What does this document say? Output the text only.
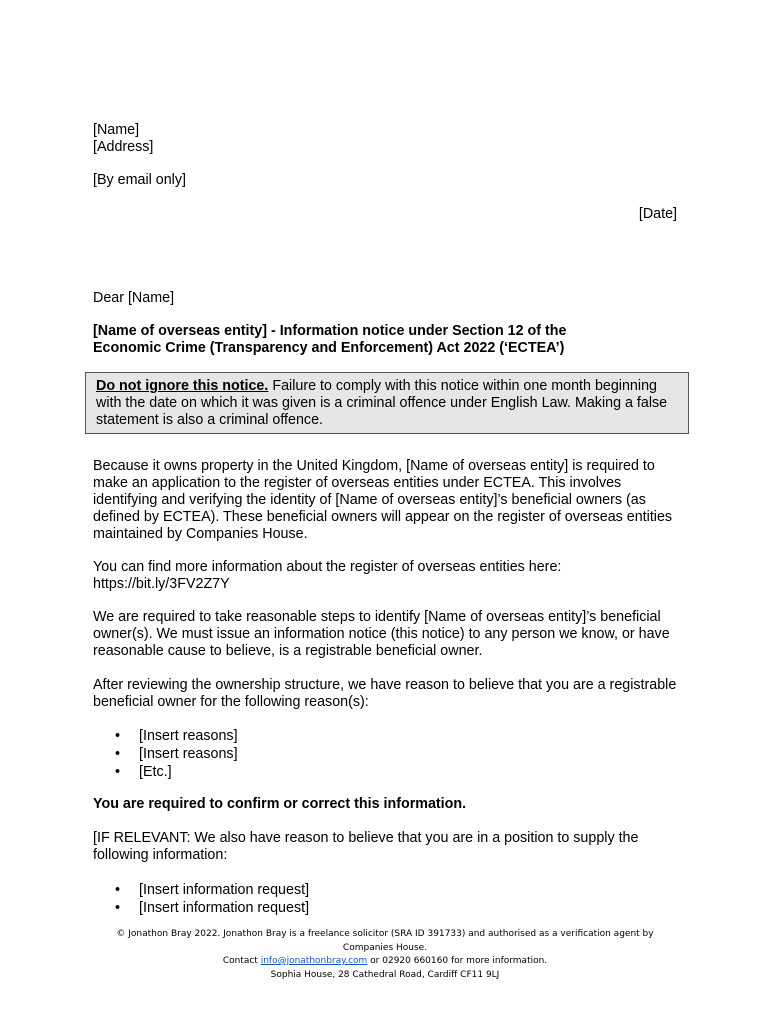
[Name]
[Address]

[By email only]

[Date]

Dear [Name]

[Name of overseas entity] - Information notice under Section 12 of the
Economic Crime (Transparency and Enforcement) Act 2022 (‘ECTEA’)
Do not ignore this notice. Failure to comply with this notice within one month beginning with the date on which it was given is a criminal offence under English Law. Making a false statement is also a criminal offence.

Because it owns property in the United Kingdom, [Name of overseas entity] is required to make an application to the register of overseas entities under ECTEA. This involves identifying and verifying the identity of [Name of overseas entity]’s beneficial owners (as defined by ECTEA). These beneficial owners will appear on the register of overseas entities maintained by Companies House.

You can find more information about the register of overseas entities here:
https://bit.ly/3FV2Z7Y

We are required to take reasonable steps to identify [Name of overseas entity]’s beneficial owner(s). We must issue an information notice (this notice) to any person we know, or have reasonable cause to believe, is a registrable beneficial owner.

After reviewing the ownership structure, we have reason to believe that you are a registrable beneficial owner for the following reason(s):

• [Insert reasons]
• [Insert reasons]
• [Etc.]

You are required to confirm or correct this information.

[IF RELEVANT: We also have reason to believe that you are in a position to supply the following information:

• [Insert information request]
• [Insert information request]
© Jonathon Bray 2022. Jonathon Bray is a freelance solicitor (SRA ID 391733) and authorised as a verification agent by Companies House.
Contact info@jonathonbray.com or 02920 660160 for more information.
Sophia House, 28 Cathedral Road, Cardiff CF11 9LJ
